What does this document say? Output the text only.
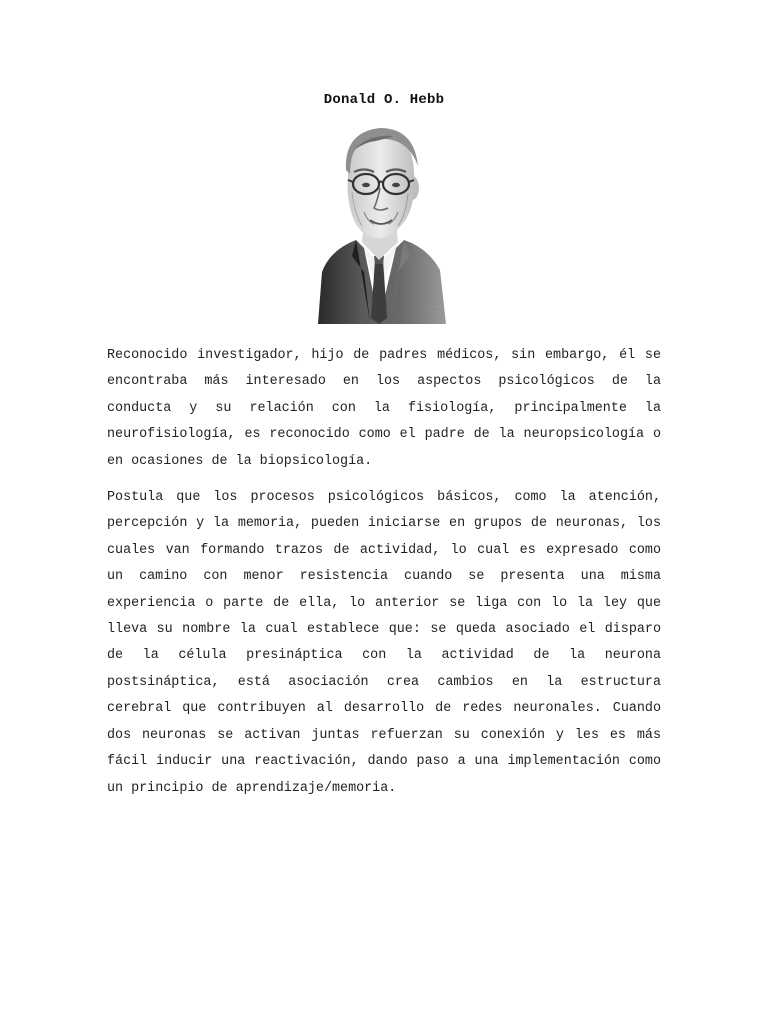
Donald O. Hebb

Reconocido investigador, hijo de padres médicos, sin embargo, él se encontraba más interesado en los aspectos psicológicos de la conducta y su relación con la fisiología, principalmente la neurofisiología, es reconocido como el padre de la neuropsicología o en ocasiones de la biopsicología.

Postula que los procesos psicológicos básicos, como la atención, percepción y la memoria, pueden iniciarse en grupos de neuronas, los cuales van formando trazos de actividad, lo cual es expresado como un camino con menor resistencia cuando se presenta una misma experiencia o parte de ella, lo anterior se liga con lo la ley que lleva su nombre la cual establece que: se queda asociado el disparo de la célula presináptica con la actividad de la neurona postsináptica, está asociación crea cambios en la estructura cerebral que contribuyen al desarrollo de redes neuronales. Cuando dos neuronas se activan juntas refuerzan su conexión y les es más fácil inducir una reactivación, dando paso a una implementación como un principio de aprendizaje/memoria.
